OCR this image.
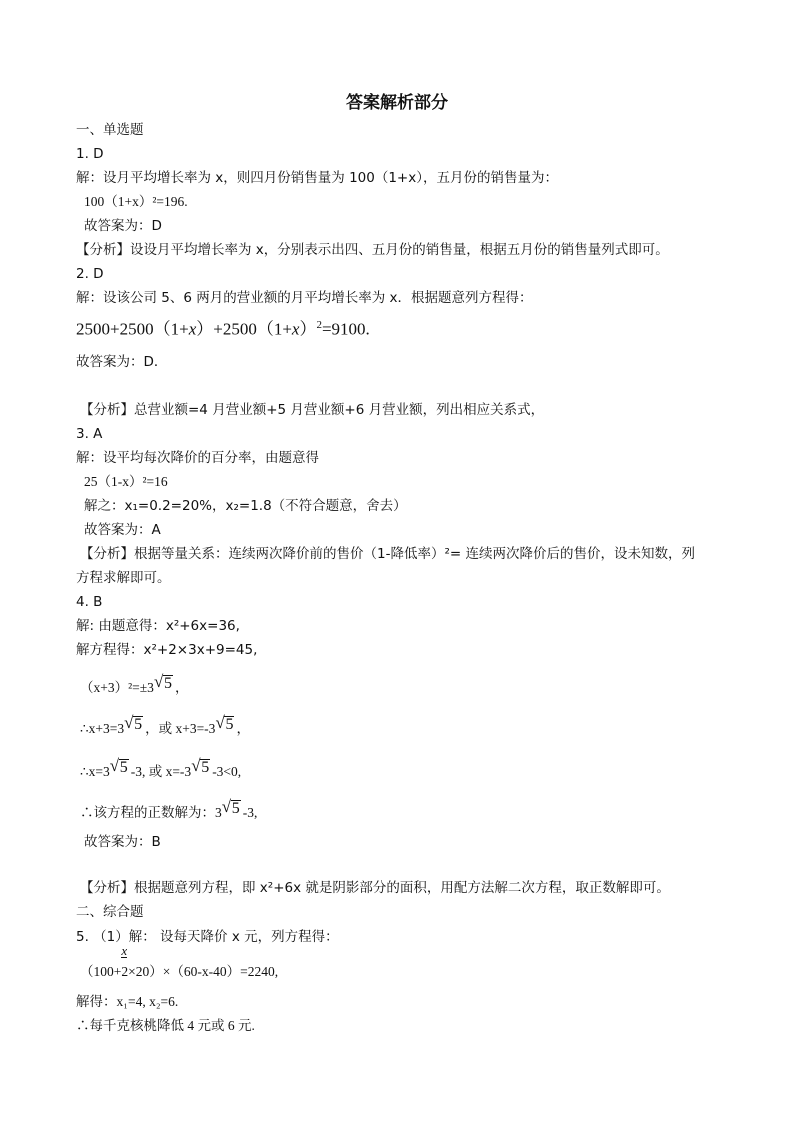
答案解析部分
一、单选题
1. D
解：设月平均增长率为 x，则四月份销售量为 100（1+x），五月份的销售量为：
100（1+x）²=196.
故答案为：D
【分析】设设月平均增长率为 x，分别表示出四、五月份的销售量，根据五月份的销售量列式即可。
2. D
解：设该公司 5、6 两月的营业额的月平均增长率为 x．根据题意列方程得：
$2500+2500(1+x)+2500(1+x)^2=9100$.
故答案为：D．
【分析】总营业额=4 月营业额+5 月营业额+6 月营业额，列出相应关系式，
3. A
解：设平均每次降价的百分率，由题意得
25（1-x）²=16
解之：x₁=0.2=20%，x₂=1.8（不符合题意，舍去）
故答案为：A
【分析】根据等量关系：连续两次降价前的售价（1-降低率）²= 连续两次降价后的售价，设未知数，列
方程求解即可。
4. B
解: 由题意得：x²+6x=36,
解方程得：x²+2×3x+9=45,
（x+3）²=±3 √ 5 ，
∴x+3=3 √ 5 ，或 x+3=-3 √ 5 ，
∴x=3 √ 5 -3, 或 x=-3 √ 5 -3<0,
∴该方程的正数解为：3 √ 5 -3,
故答案为：B
【分析】根据题意列方程，即 x²+6x 就是阴影部分的面积，用配方法解二次方程，取正数解即可。
二、综合题
5. （1）解： 设每天降价 x 元，列方程得：
$(100+ \frac{x}{2}\times 20)\times(60-x-40)=2240$,
解得：x₁=4, x₂=6.
∴每千克核桃降低 4 元或 6 元.
